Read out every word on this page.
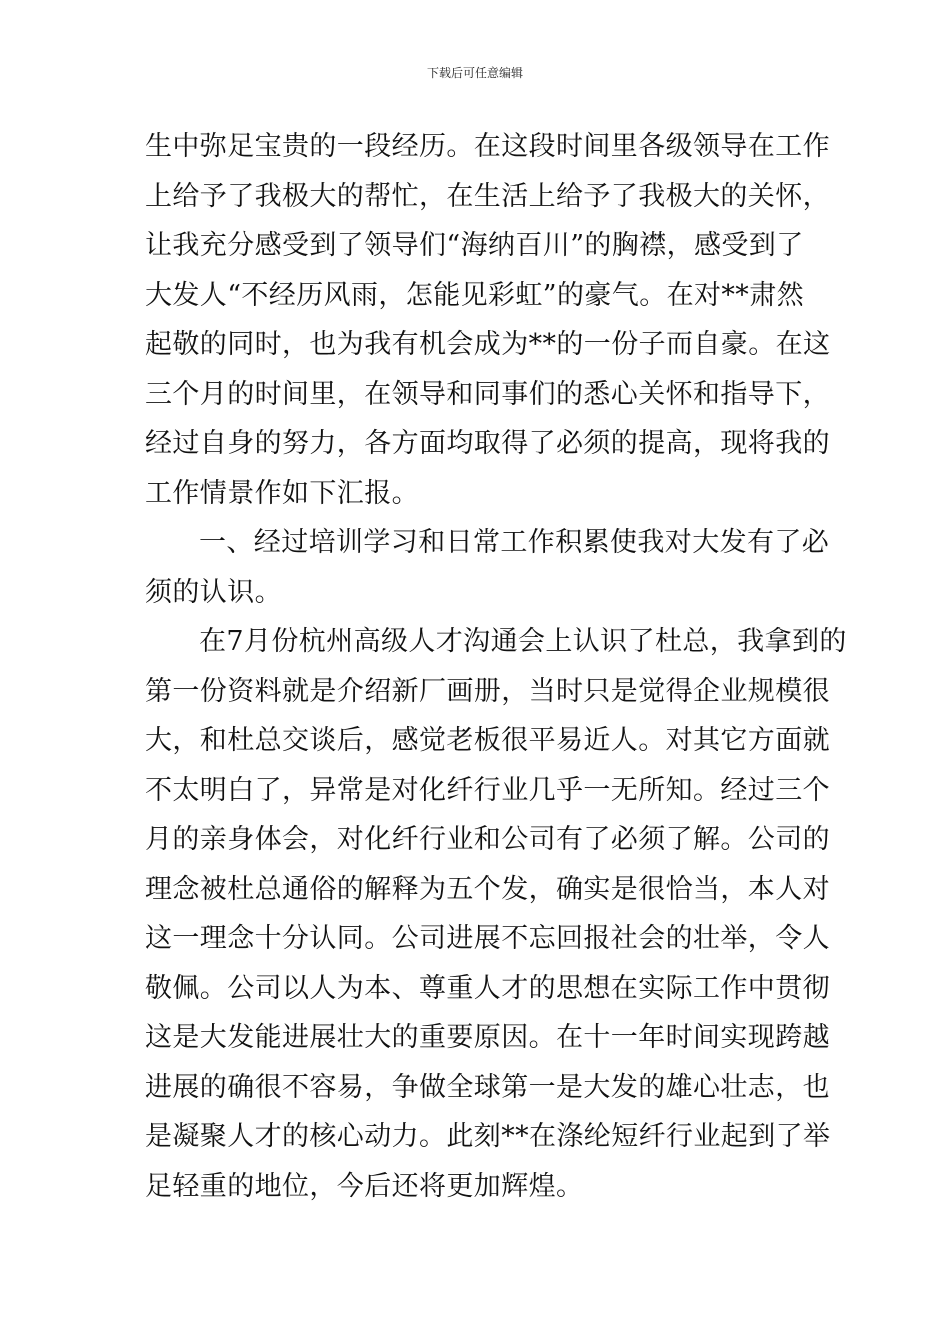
下载后可任意编辑
生中弥足宝贵的一段经历。在这段时间里各级领导在工作
上给予了我极大的帮忙，在生活上给予了我极大的关怀，
让我充分感受到了领导们“海纳百川”的胸襟，感受到了
大发人“不经历风雨，怎能见彩虹”的豪气。在对**肃然
起敬的同时，也为我有机会成为**的一份子而自豪。在这
三个月的时间里，在领导和同事们的悉心关怀和指导下，
经过自身的努力，各方面均取得了必须的提高，现将我的
工作情景作如下汇报。
一、经过培训学习和日常工作积累使我对大发有了必
须的认识。
在7月份杭州高级人才沟通会上认识了杜总，我拿到的
第一份资料就是介绍新厂画册，当时只是觉得企业规模很
大，和杜总交谈后，感觉老板很平易近人。对其它方面就
不太明白了，异常是对化纤行业几乎一无所知。经过三个
月的亲身体会，对化纤行业和公司有了必须了解。公司的
理念被杜总通俗的解释为五个发，确实是很恰当，本人对
这一理念十分认同。公司进展不忘回报社会的壮举，令人
敬佩。公司以人为本、尊重人才的思想在实际工作中贯彻
这是大发能进展壮大的重要原因。在十一年时间实现跨越
进展的确很不容易，争做全球第一是大发的雄心壮志，也
是凝聚人才的核心动力。此刻**在涤纶短纤行业起到了举
足轻重的地位，今后还将更加辉煌。
